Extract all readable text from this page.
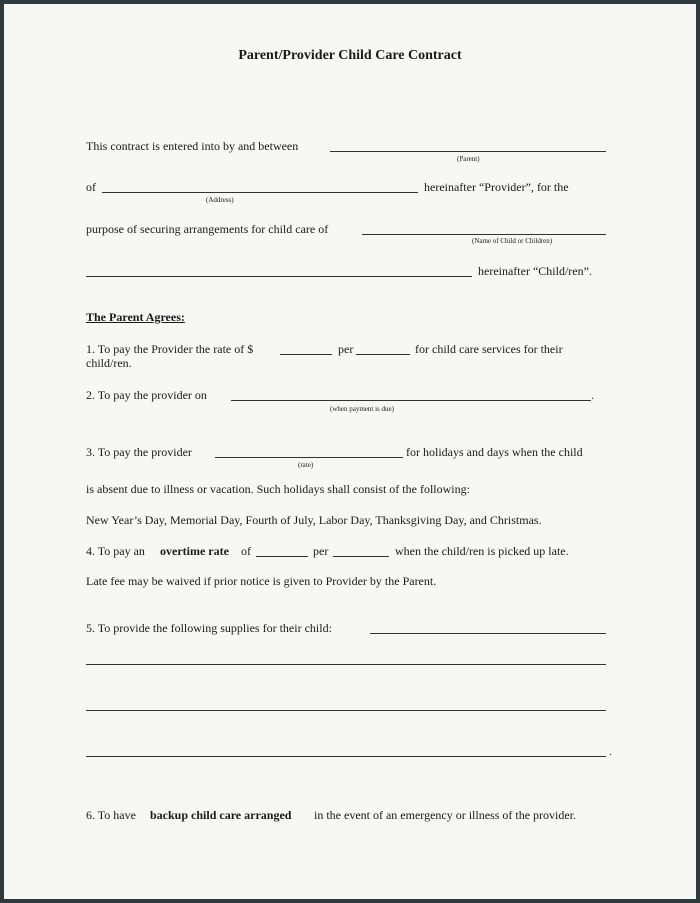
Parent/Provider Child Care Contract
This contract is entered into by and between
(Parent)
of	hereinafter “Provider”, for the
(Address)
purpose of securing arrangements for child care of
(Name of Child or Children)
hereinafter “Child/ren”.
The Parent Agrees:
1. To pay the Provider the rate of $	per	for child care services for their
child/ren.
2. To pay the provider on	.
(when payment is due)
3. To pay the provider	for holidays and days when the child
(rate)
is absent due to illness or vacation. Such holidays shall consist of the following:
New Year’s Day, Memorial Day, Fourth of July, Labor Day, Thanksgiving Day, and Christmas.
4. To pay an overtime rate of	per	when the child/ren is picked up late.
Late fee may be waived if prior notice is given to Provider by the Parent.
5. To provide the following supplies for their child:
.
6. To have backup child care arranged in the event of an emergency or illness of the provider.
